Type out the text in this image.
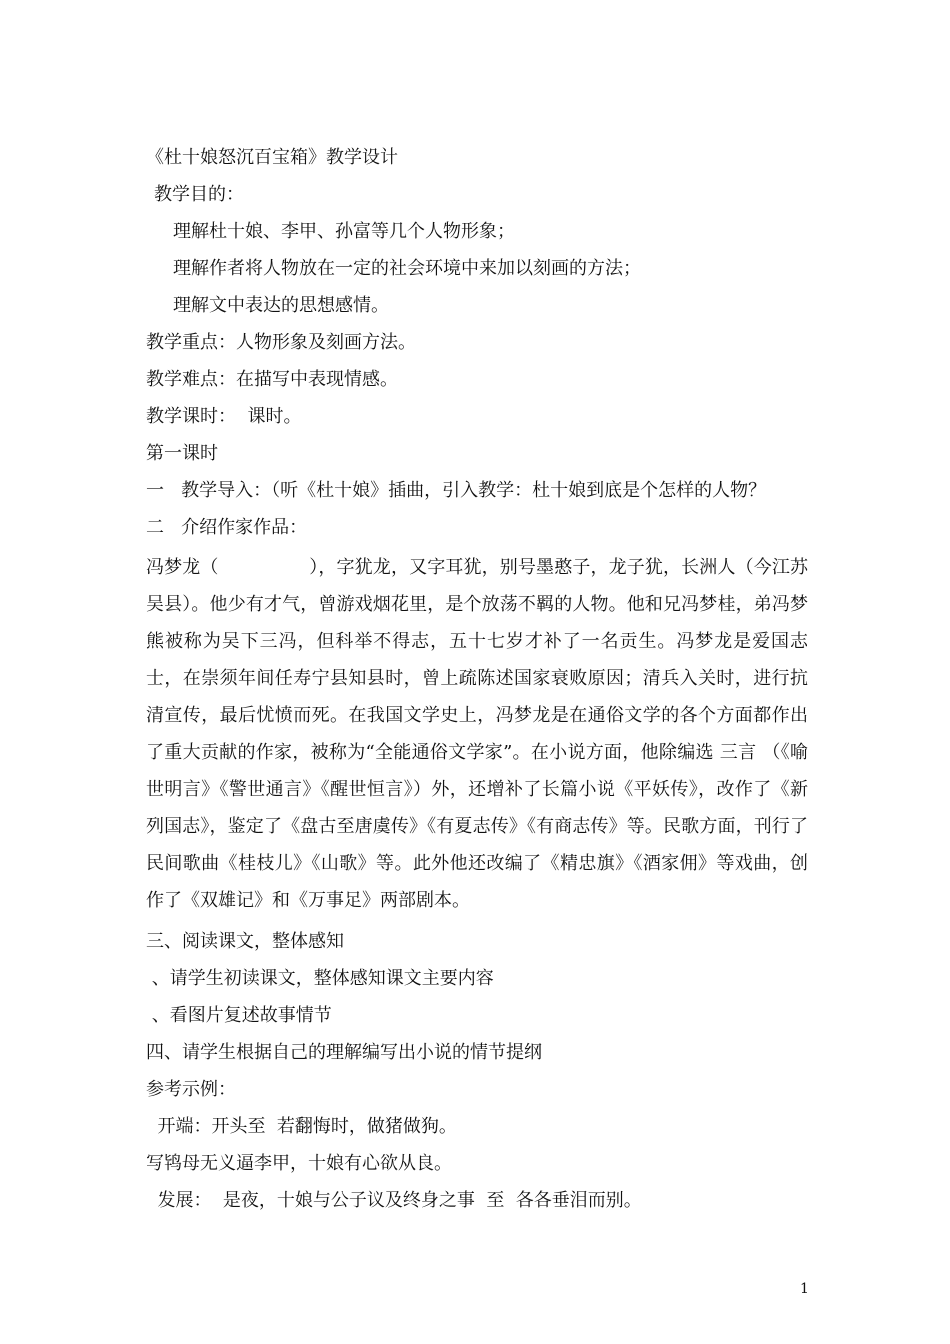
《杜十娘怒沉百宝箱》教学设计
教学目的：
理解杜十娘、李甲、孙富等几个人物形象；
理解作者将人物放在一定的社会环境中来加以刻画的方法；
理解文中表达的思想感情。
教学重点：人物形象及刻画方法。
教学难点：在描写中表现情感。
教学课时：  课时。
第一课时
一   教学导入：（听《杜十娘》插曲，引入教学：杜十娘到底是个怎样的人物？
二   介绍作家作品：

冯梦龙（　　　　　），字犹龙，又字耳犹，别号墨憨子，龙子犹，长洲人（今江苏吴县）。他少有才气，曾游戏烟花里，是个放荡不羁的人物。他和兄冯梦桂，弟冯梦熊被称为吴下三冯，但科举不得志，五十七岁才补了一名贡生。冯梦龙是爱国志士，在崇须年间任寿宁县知县时，曾上疏陈述国家衰败原因；清兵入关时，进行抗清宣传，最后忧愤而死。在我国文学史上，冯梦龙是在通俗文学的各个方面都作出了重大贡献的作家，被称为“全能通俗文学家”。在小说方面，他除编选 三言 （《喻世明言》《警世通言》《醒世恒言》）外，还增补了长篇小说《平妖传》，改作了《新列国志》，鉴定了《盘古至唐虞传》《有夏志传》《有商志传》等。民歌方面，刊行了民间歌曲《桂枝儿》《山歌》等。此外他还改编了《精忠旗》《酒家佣》等戏曲，创作了《双雄记》和《万事足》两部剧本。

三、阅读课文，整体感知
、请学生初读课文，整体感知课文主要内容
、看图片复述故事情节
四、请学生根据自己的理解编写出小说的情节提纲
参考示例：
开端：开头至  若翻悔时，做猪做狗。
写鸨母无义逼李甲，十娘有心欲从良。
发展：  是夜，十娘与公子议及终身之事  至  各各垂泪而别。
1
